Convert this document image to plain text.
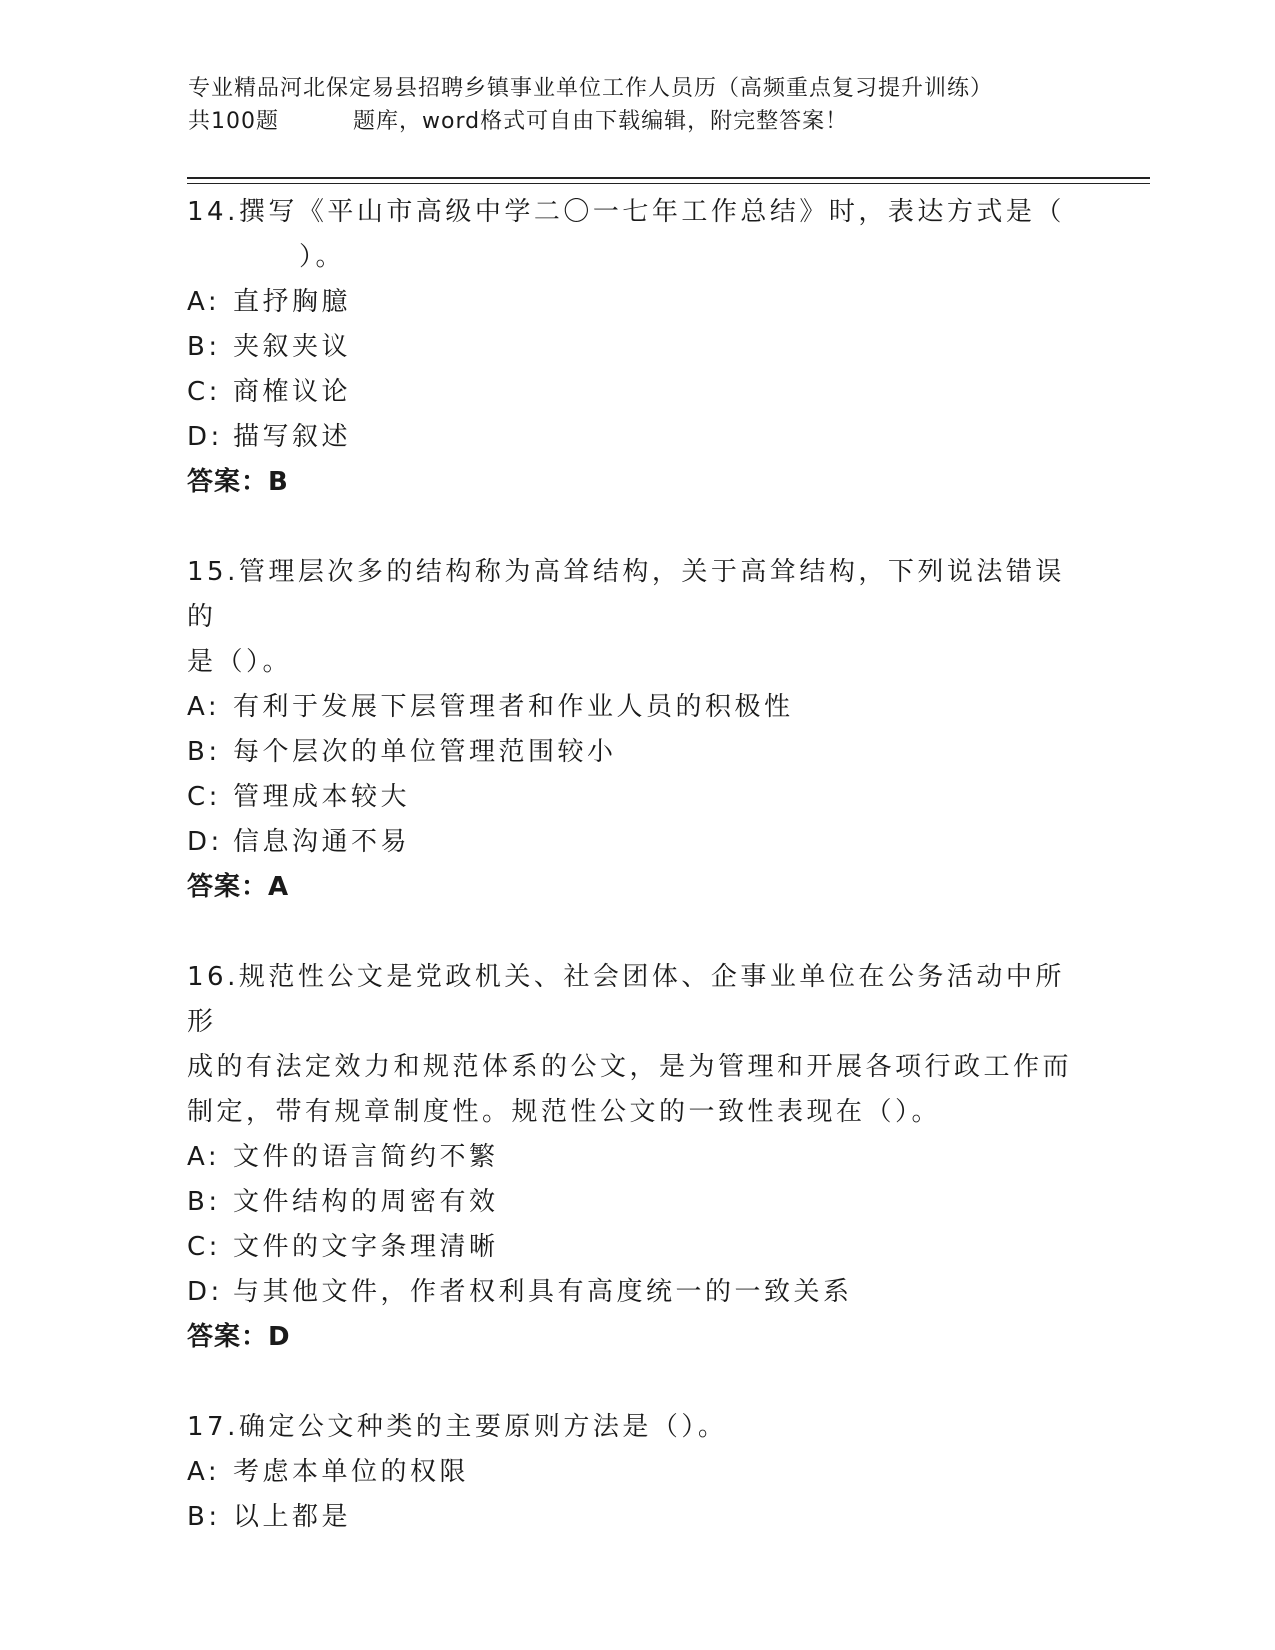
专业精品河北保定易县招聘乡镇事业单位工作人员历（高频重点复习提升训练）
共100题	题库，word格式可自由下载编辑，附完整答案！
14.撰写《平山市高级中学二〇一七年工作总结》时，表达方式是（
）。
A: 直抒胸臆
B: 夹叙夹议
C: 商榷议论
D: 描写叙述
答案：B
15.管理层次多的结构称为高耸结构，关于高耸结构，下列说法错误的
是（）。
A: 有利于发展下层管理者和作业人员的积极性
B: 每个层次的单位管理范围较小
C: 管理成本较大
D: 信息沟通不易
答案：A
16.规范性公文是党政机关、社会团体、企事业单位在公务活动中所形
成的有法定效力和规范体系的公文，是为管理和开展各项行政工作而
制定，带有规章制度性。规范性公文的一致性表现在（）。
A: 文件的语言简约不繁
B: 文件结构的周密有效
C: 文件的文字条理清晰
D: 与其他文件，作者权利具有高度统一的一致关系
答案：D
17.确定公文种类的主要原则方法是（）。
A: 考虑本单位的权限
B: 以上都是
